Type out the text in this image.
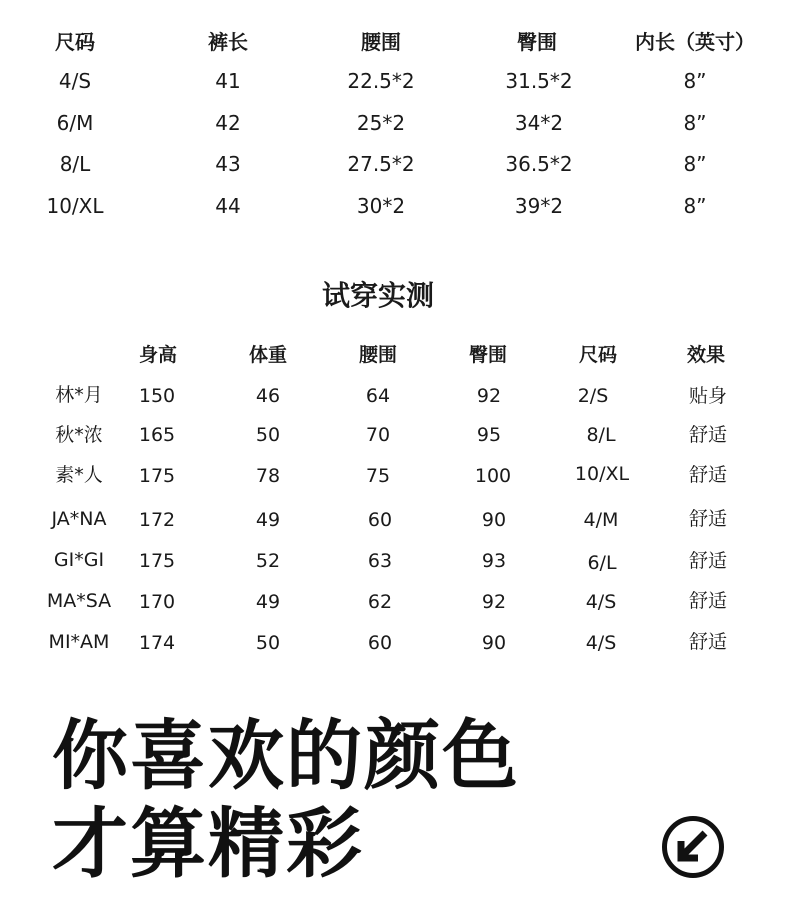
尺码	裤长	腰围	臀围	内长（英寸）
4/S	41	22.5*2	31.5*2	8”
6/M	42	25*2	34*2	8”
8/L	43	27.5*2	36.5*2	8”
10/XL	44	30*2	39*2	8”
试穿实测
身高	体重	腰围	臀围	尺码	效果
林*月 150	46	64	92	2/S	贴身
秋*浓 165	50	70	95	8/L	舒适
素*人 175	78	75	100	10/XL	舒适
JA*NA 172	49	60	90	4/M	舒适
GI*GI 175	52	63	93	6/L	舒适
MA*SA 170	49	62	92	4/S	舒适
MI*AM 174	50	60	90	4/S	舒适
你喜欢的颜色
才算精彩
